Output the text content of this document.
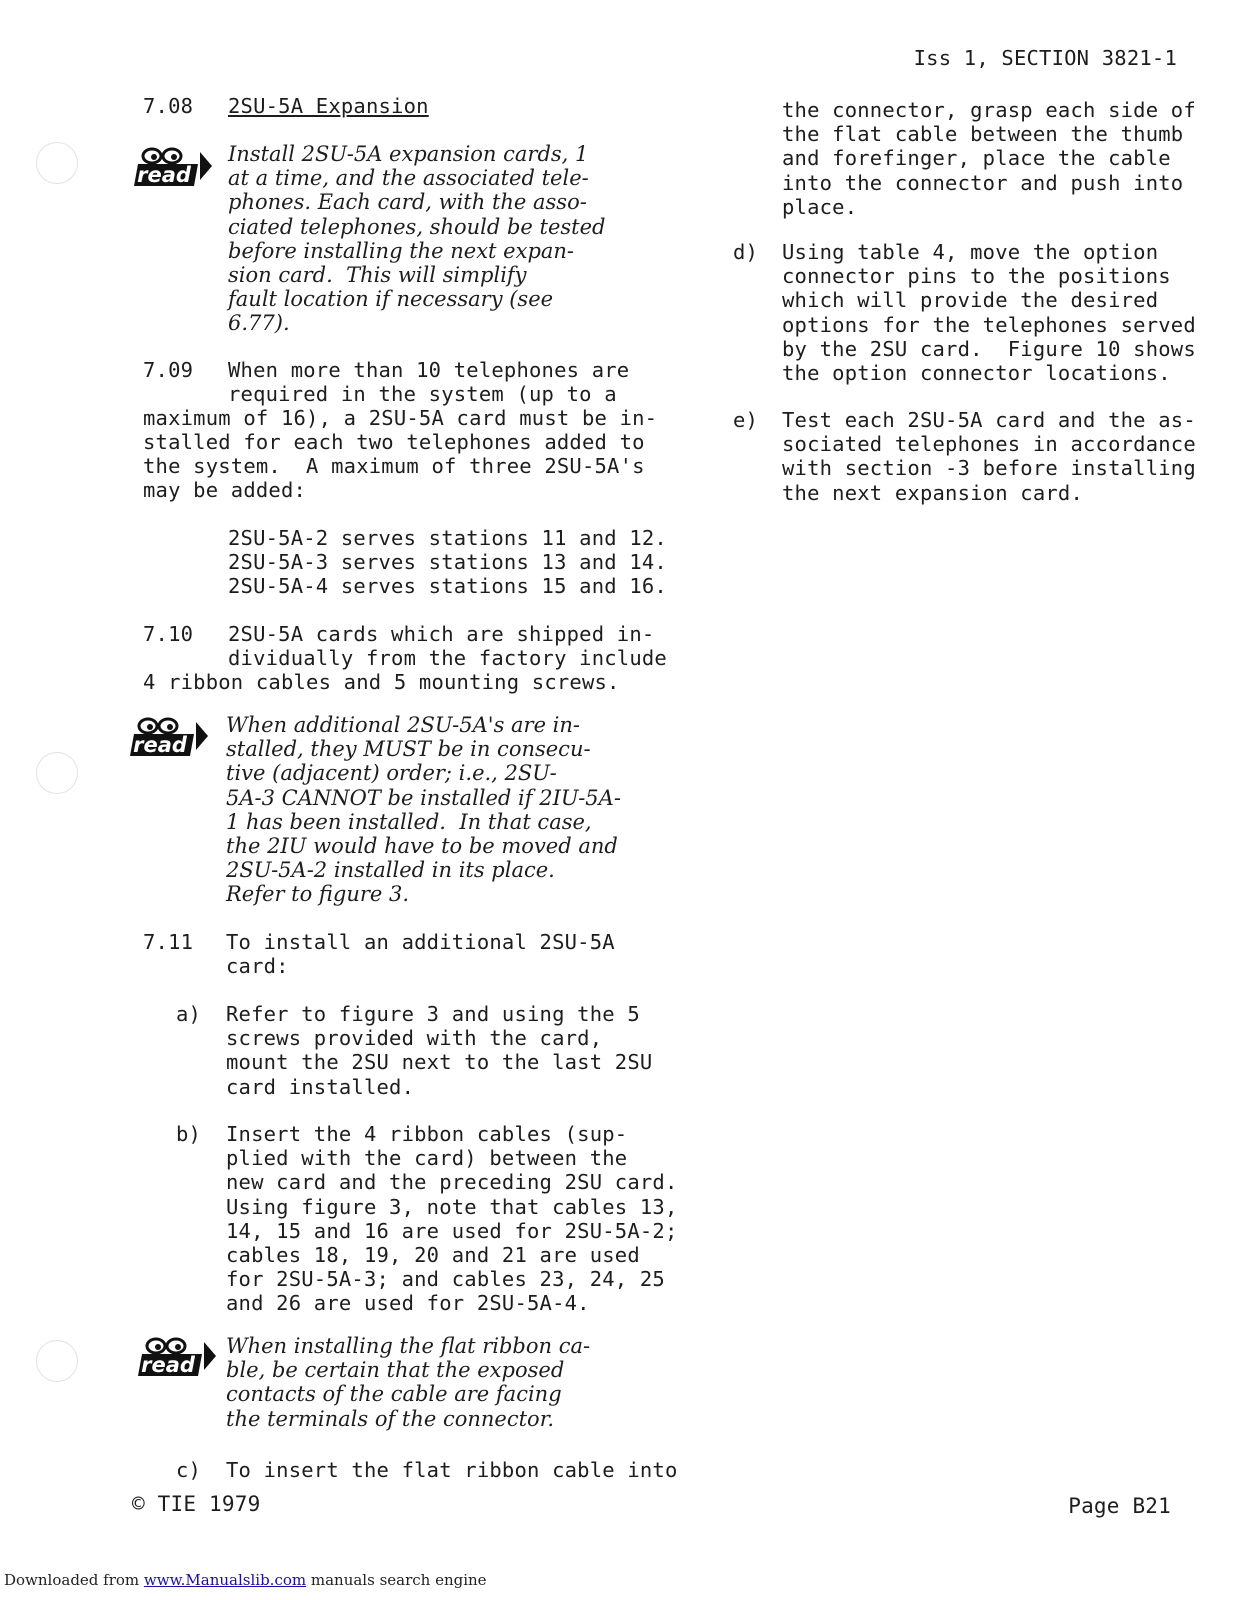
Iss 1, SECTION 3821-1
7.08 2SU-5A Expansion
read
Install 2SU-5A expansion cards, 1
at a time, and the associated tele-
phones. Each card, with the asso-
ciated telephones, should be tested
before installing the next expan-
sion card.  This will simplify
fault location if necessary (see
6.77).
7.09 When more than 10 telephones are
required in the system (up to a
maximum of 16), a 2SU-5A card must be in-
stalled for each two telephones added to
the system.  A maximum of three 2SU-5A's
may be added:
2SU-5A-2 serves stations 11 and 12.
2SU-5A-3 serves stations 13 and 14.
2SU-5A-4 serves stations 15 and 16.
7.10 2SU-5A cards which are shipped in-
dividually from the factory include
4 ribbon cables and 5 mounting screws.
read
When additional 2SU-5A's are in-
stalled, they MUST be in consecu-
tive (adjacent) order; i.e., 2SU-
5A-3 CANNOT be installed if 2IU-5A-
1 has been installed.  In that case,
the 2IU would have to be moved and
2SU-5A-2 installed in its place.
Refer to figure 3.
7.11 To install an additional 2SU-5A
card:
a) Refer to figure 3 and using the 5
screws provided with the card,
mount the 2SU next to the last 2SU
card installed.
b) Insert the 4 ribbon cables (sup-
plied with the card) between the
new card and the preceding 2SU card.
Using figure 3, note that cables 13,
14, 15 and 16 are used for 2SU-5A-2;
cables 18, 19, 20 and 21 are used
for 2SU-5A-3; and cables 23, 24, 25
and 26 are used for 2SU-5A-4.
read
When installing the flat ribbon ca-
ble, be certain that the exposed
contacts of the cable are facing
the terminals of the connector.
c) To insert the flat ribbon cable into
the connector, grasp each side of
the flat cable between the thumb
and forefinger, place the cable
into the connector and push into
place.
d) Using table 4, move the option
connector pins to the positions
which will provide the desired
options for the telephones served
by the 2SU card.  Figure 10 shows
the option connector locations.
e) Test each 2SU-5A card and the as-
sociated telephones in accordance
with section -3 before installing
the next expansion card.
© TIE 1979	Page B21
Downloaded from www.Manualslib.com manuals search engine
